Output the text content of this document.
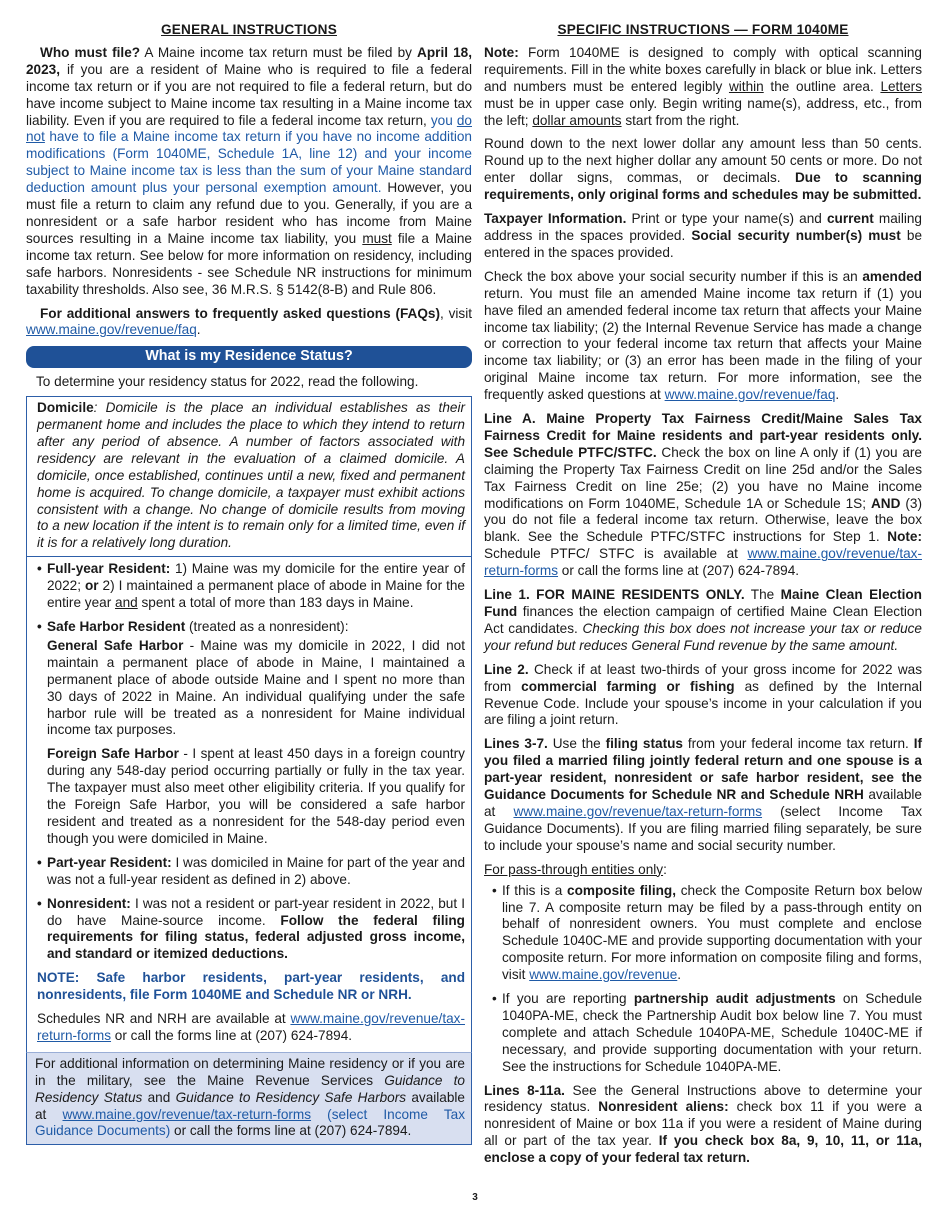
GENERAL INSTRUCTIONS

Who must file? A Maine income tax return must be filed by April 18, 2023, if you are a resident of Maine who is required to file a federal income tax return or if you are not required to file a federal return, but do have income subject to Maine income tax resulting in a Maine income tax liability. Even if you are required to file a federal income tax return, you do not have to file a Maine income tax return if you have no income addition modifications (Form 1040ME, Schedule 1A, line 12) and your income subject to Maine income tax is less than the sum of your Maine standard deduction amount plus your personal exemption amount. However, you must file a return to claim any refund due to you. Generally, if you are a nonresident or a safe harbor resident who has income from Maine sources resulting in a Maine income tax liability, you must file a Maine income tax return. See below for more information on residency, including safe harbors. Nonresidents - see Schedule NR instructions for minimum taxability thresholds. Also see, 36 M.R.S. § 5142(8-B) and Rule 806.

For additional answers to frequently asked questions (FAQs), visit www.maine.gov/revenue/faq.

What is my Residence Status?

To determine your residency status for 2022, read the following.

Domicile: Domicile is the place an individual establishes as their permanent home and includes the place to which they intend to return after any period of absence. A number of factors associated with residency are relevant in the evaluation of a claimed domicile. A domicile, once established, continues until a new, fixed and permanent home is acquired. To change domicile, a taxpayer must exhibit actions consistent with a change. No change of domicile results from moving to a new location if the intent is to remain only for a limited time, even if it is for a relatively long duration.

• Full-year Resident: 1) Maine was my domicile for the entire year of 2022; or 2) I maintained a permanent place of abode in Maine for the entire year and spent a total of more than 183 days in Maine.
• Safe Harbor Resident (treated as a nonresident):
General Safe Harbor - Maine was my domicile in 2022, I did not maintain a permanent place of abode in Maine, I maintained a permanent place of abode outside Maine and I spent no more than 30 days of 2022 in Maine. An individual qualifying under the safe harbor rule will be treated as a nonresident for Maine individual income tax purposes.
Foreign Safe Harbor - I spent at least 450 days in a foreign country during any 548-day period occurring partially or fully in the tax year. The taxpayer must also meet other eligibility criteria. If you qualify for the Foreign Safe Harbor, you will be considered a safe harbor resident and treated as a nonresident for the 548-day period even though you were domiciled in Maine.
• Part-year Resident: I was domiciled in Maine for part of the year and was not a full-year resident as defined in 2) above.
• Nonresident: I was not a resident or part-year resident in 2022, but I do have Maine-source income. Follow the federal filing requirements for filing status, federal adjusted gross income, and standard or itemized deductions.

NOTE: Safe harbor residents, part-year residents, and nonresidents, file Form 1040ME and Schedule NR or NRH.

Schedules NR and NRH are available at www.maine.gov/revenue/tax-return-forms or call the forms line at (207) 624-7894.

For additional information on determining Maine residency or if you are in the military, see the Maine Revenue Services Guidance to Residency Status and Guidance to Residency Safe Harbors available at www.maine.gov/revenue/tax-return-forms (select Income Tax Guidance Documents) or call the forms line at (207) 624-7894.

SPECIFIC INSTRUCTIONS — FORM 1040ME

Note: Form 1040ME is designed to comply with optical scanning requirements. Fill in the white boxes carefully in black or blue ink. Letters and numbers must be entered legibly within the outline area. Letters must be in upper case only. Begin writing name(s), address, etc., from the left; dollar amounts start from the right.

Round down to the next lower dollar any amount less than 50 cents. Round up to the next higher dollar any amount 50 cents or more. Do not enter dollar signs, commas, or decimals. Due to scanning requirements, only original forms and schedules may be submitted.

Taxpayer Information. Print or type your name(s) and current mailing address in the spaces provided. Social security number(s) must be entered in the spaces provided.

Check the box above your social security number if this is an amended return. You must file an amended Maine income tax return if (1) you have filed an amended federal income tax return that affects your Maine income tax liability; (2) the Internal Revenue Service has made a change or correction to your federal income tax return that affects your Maine income tax liability; or (3) an error has been made in the filing of your original Maine income tax return. For more information, see the frequently asked questions at www.maine.gov/revenue/faq.

Line A. Maine Property Tax Fairness Credit/Maine Sales Tax Fairness Credit for Maine residents and part-year residents only. See Schedule PTFC/STFC. Check the box on line A only if (1) you are claiming the Property Tax Fairness Credit on line 25d and/or the Sales Tax Fairness Credit on line 25e; (2) you have no Maine income modifications on Form 1040ME, Schedule 1A or Schedule 1S; AND (3) you do not file a federal income tax return. Otherwise, leave the box blank. See the Schedule PTFC/STFC instructions for Step 1. Note: Schedule PTFC/ STFC is available at www.maine.gov/revenue/tax-return-forms or call the forms line at (207) 624-7894.

Line 1. FOR MAINE RESIDENTS ONLY. The Maine Clean Election Fund finances the election campaign of certified Maine Clean Election Act candidates. Checking this box does not increase your tax or reduce your refund but reduces General Fund revenue by the same amount.

Line 2. Check if at least two-thirds of your gross income for 2022 was from commercial farming or fishing as defined by the Internal Revenue Code. Include your spouse’s income in your calculation if you are filing a joint return.

Lines 3-7. Use the filing status from your federal income tax return. If you filed a married filing jointly federal return and one spouse is a part-year resident, nonresident or safe harbor resident, see the Guidance Documents for Schedule NR and Schedule NRH available at www.maine.gov/revenue/tax-return-forms (select Income Tax Guidance Documents). If you are filing married filing separately, be sure to include your spouse’s name and social security number.

For pass-through entities only:

• If this is a composite filing, check the Composite Return box below line 7. A composite return may be filed by a pass-through entity on behalf of nonresident owners. You must complete and enclose Schedule 1040C-ME and provide supporting documentation with your composite return. For more information on composite filing and forms, visit www.maine.gov/revenue.
• If you are reporting partnership audit adjustments on Schedule 1040PA-ME, check the Partnership Audit box below line 7. You must complete and attach Schedule 1040PA-ME, Schedule 1040C-ME if necessary, and provide supporting documentation with your return. See the instructions for Schedule 1040PA-ME.

Lines 8-11a. See the General Instructions above to determine your residency status. Nonresident aliens: check box 11 if you were a nonresident of Maine or box 11a if you were a resident of Maine during all or part of the tax year. If you check box 8a, 9, 10, 11, or 11a, enclose a copy of your federal tax return.

3
